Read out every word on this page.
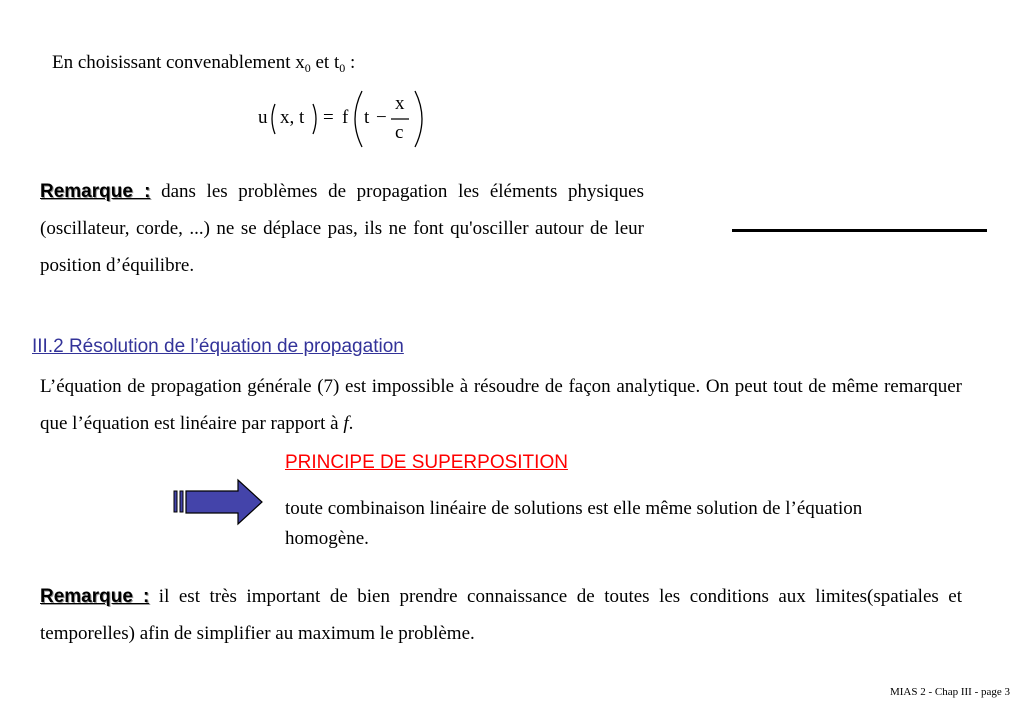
En choisissant convenablement $x_0$ et $t_0$ :
u x, t = f t −
x
c
Remarque : dans les problèmes de propagation les éléments physiques (oscillateur, corde, ...) ne se déplace pas, ils ne font qu'osciller autour de leur position d’équilibre.
III.2 Résolution de l’équation de propagation
L’équation de propagation générale (7) est impossible à résoudre de façon analytique. On peut tout de même remarquer que l’équation est linéaire par rapport à f.
PRINCIPE DE SUPERPOSITION
toute combinaison linéaire de solutions est elle même solution de l’équation homogène.
Remarque : il est très important de bien prendre connaissance de toutes les conditions aux limites(spatiales et temporelles) afin de simplifier au maximum le problème.
MIAS 2 - Chap III - page 3
